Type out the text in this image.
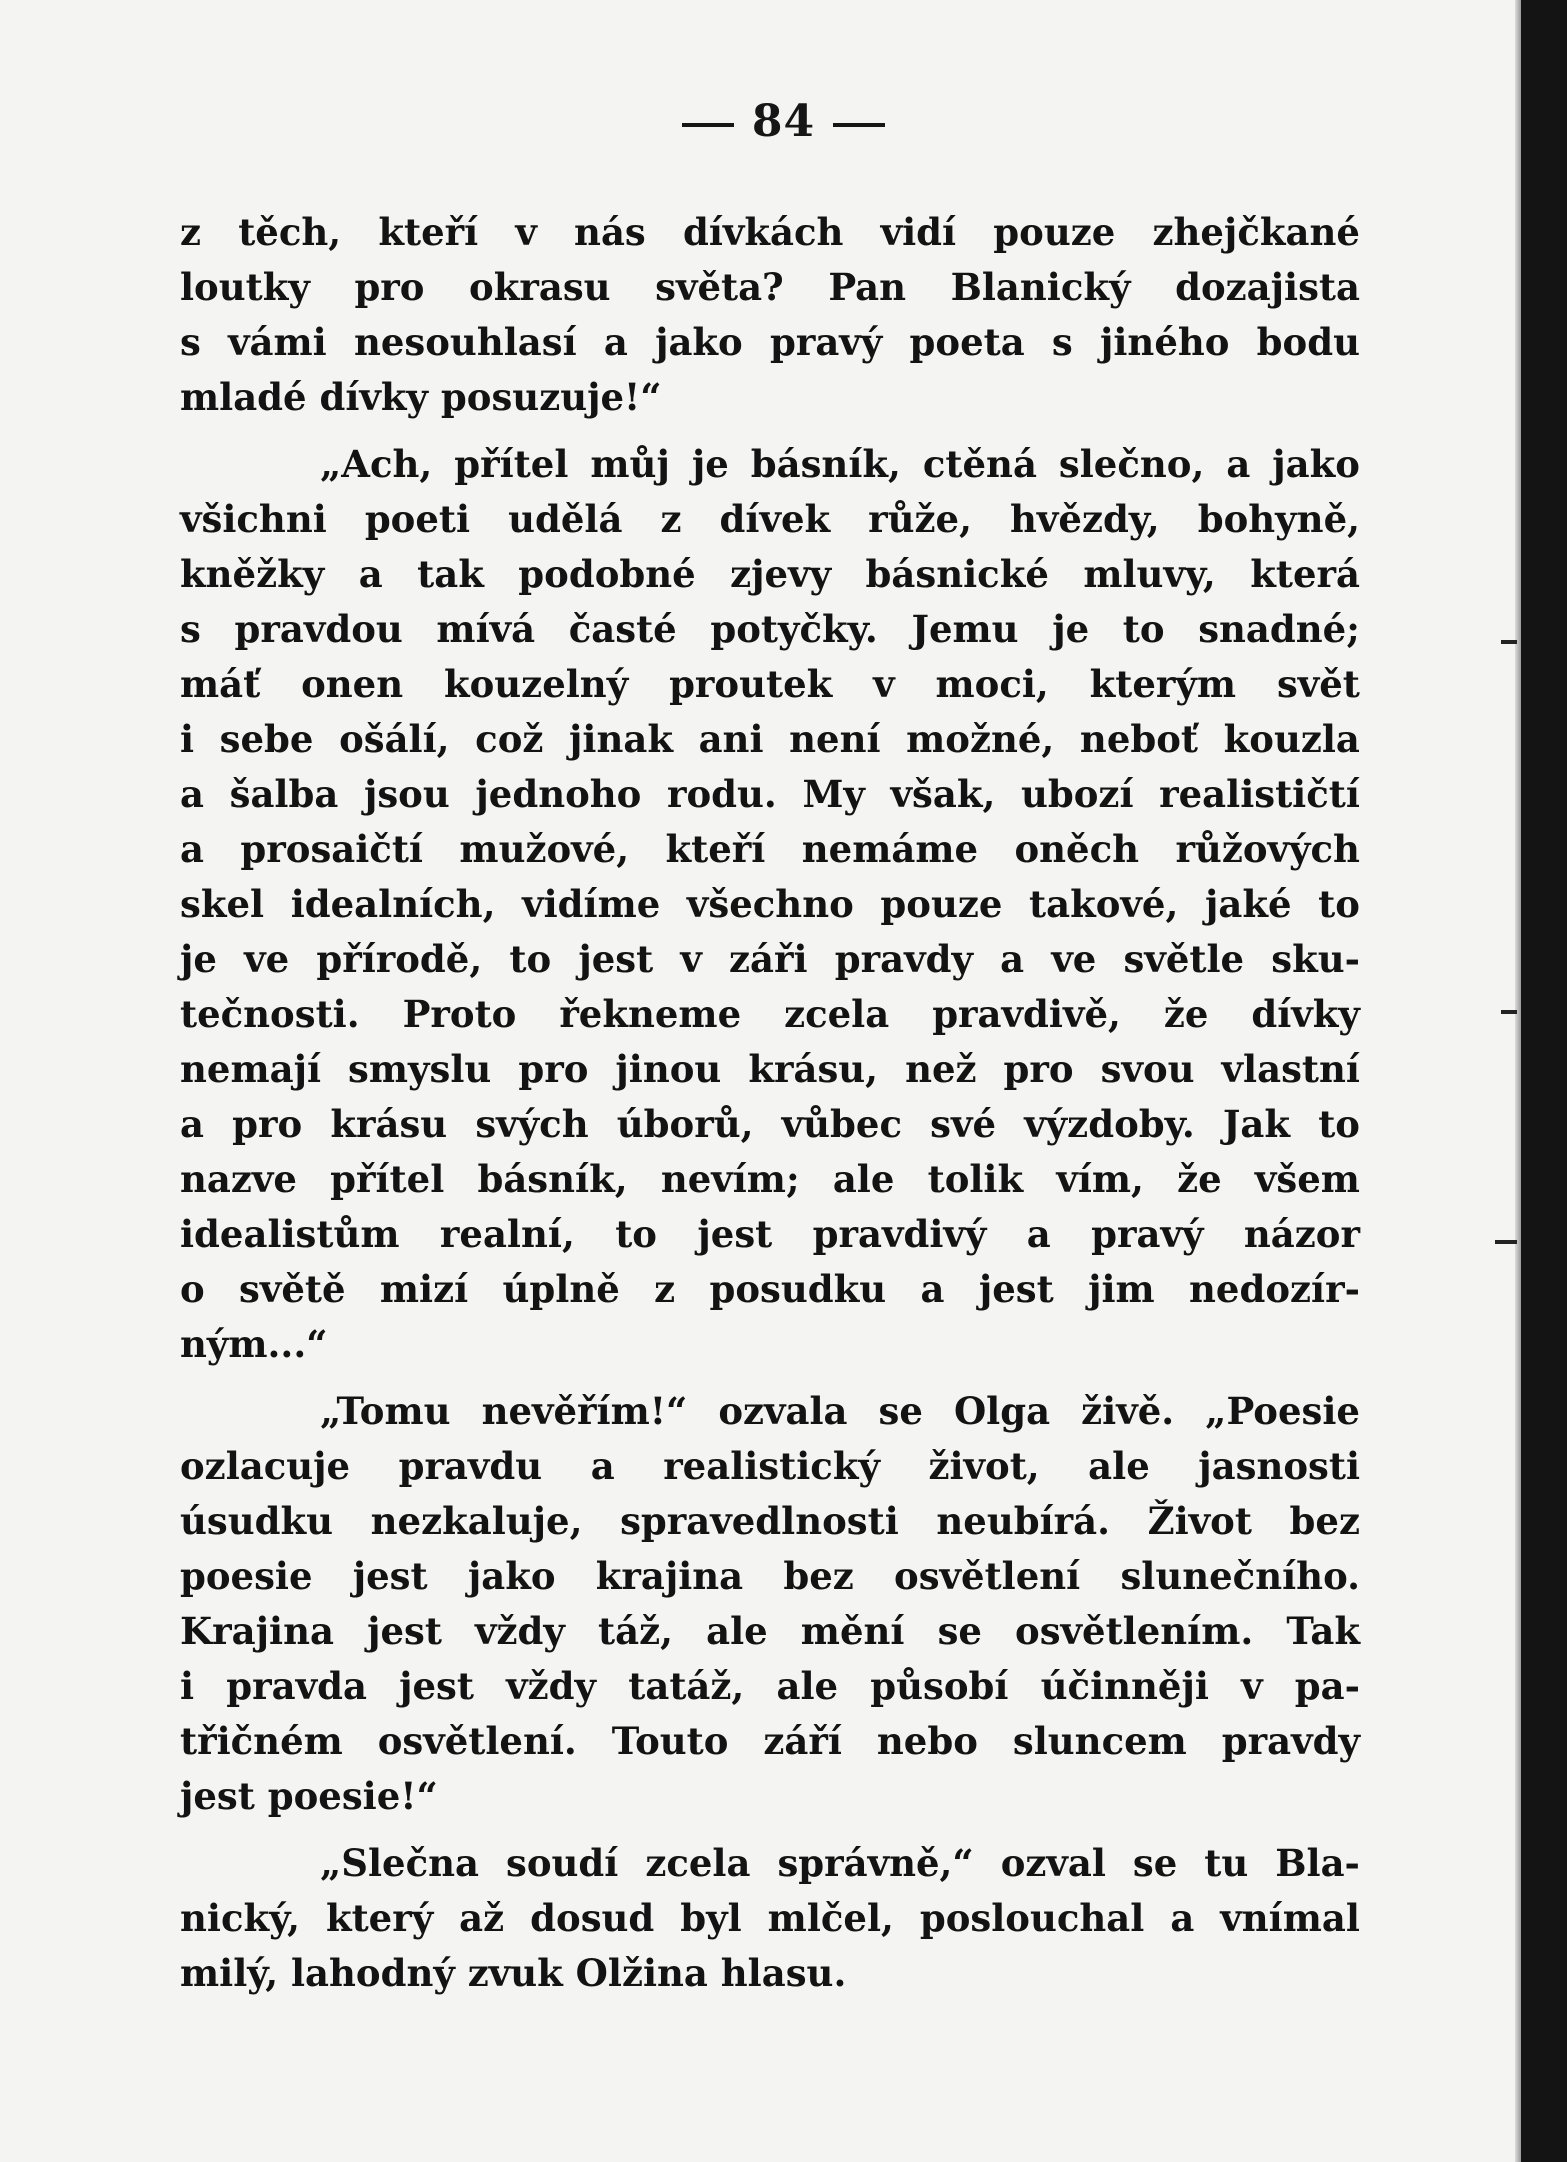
84
z těch, kteří v nás dívkách vidí pouze zhejčkané
loutky pro okrasu světa? Pan Blanický dozajista
s vámi nesouhlasí a jako pravý poeta s jiného bodu
mladé dívky posuzuje!“
„Ach, přítel můj je básník, ctěná slečno, a jako
všichni poeti udělá z dívek růže, hvězdy, bohyně,
kněžky a tak podobné zjevy básnické mluvy, která
s pravdou mívá časté potyčky. Jemu je to snadné;
máť onen kouzelný proutek v moci, kterým svět
i sebe ošálí, což jinak ani není možné, neboť kouzla
a šalba jsou jednoho rodu. My však, ubozí realističtí
a prosaičtí mužové, kteří nemáme oněch růžových
skel idealních, vidíme všechno pouze takové, jaké to
je ve přírodě, to jest v záři pravdy a ve světle sku-
tečnosti. Proto řekneme zcela pravdivě, že dívky
nemají smyslu pro jinou krásu, než pro svou vlastní
a pro krásu svých úborů, vůbec své výzdoby. Jak to
nazve přítel básník, nevím; ale tolik vím, že všem
idealistům realní, to jest pravdivý a pravý názor
o světě mizí úplně z posudku a jest jim nedozír-
ným...“
„Tomu nevěřím!“ ozvala se Olga živě. „Poesie
ozlacuje pravdu a realistický život, ale jasnosti
úsudku nezkaluje, spravedlnosti neubírá. Život bez
poesie jest jako krajina bez osvětlení slunečního.
Krajina jest vždy táž, ale mění se osvětlením. Tak
i pravda jest vždy tatáž, ale působí účinněji v pa-
třičném osvětlení. Touto září nebo sluncem pravdy
jest poesie!“
„Slečna soudí zcela správně,“ ozval se tu Bla-
nický, který až dosud byl mlčel, poslouchal a vnímal
milý, lahodný zvuk Olžina hlasu.
